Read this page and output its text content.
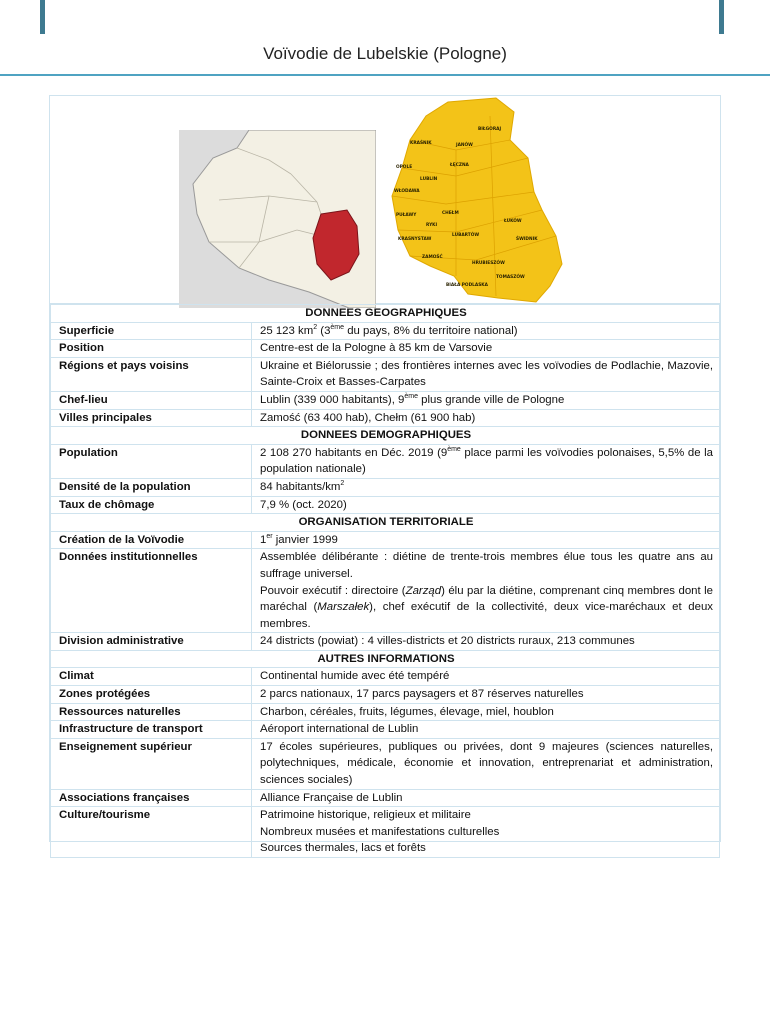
Voïvodie de Lubelskie (Pologne)
BIŁGORAJ
JANÓW
KRAŚNIK
OPOLE
LUBLIN
ŁĘCZNA
WŁODAWA
CHEŁM
PUŁAWY
RYKI
ŁUKÓW
LUBARTÓW
ŚWIDNIK
KRASNYSTAW
ZAMOŚĆ
HRUBIESZÓW
TOMASZÓW
BIAŁA PODLASKA
DONNEES GEOGRAPHIQUES	
Superficie	25 123 $km^2$ (3ème du pays, 8% du territoire national)
Position	Centre-est de la Pologne à 85 km de Varsovie
Régions et pays voisins	Ukraine et Biélorussie ; des frontières internes avec les voïvodies de Podlachie, Mazovie, Sainte-Croix et Basses-Carpates
Chef-lieu	Lublin (339 000 habitants), 9ème plus grande ville de Pologne
Villes principales	Zamość (63 400 hab), Chełm (61 900 hab)
DONNEES DEMOGRAPHIQUES	
Population	2 108 270 habitants en Déc. 2019 (9ème place parmi les voïvodies polonaises, 5,5% de la population nationale)
Densité de la population	84 habitants/$km^2$
Taux de chômage	7,9 % (oct. 2020)
ORGANISATION TERRITORIALE	
Création de la Voïvodie	1er janvier 1999
Données institutionnelles	Assemblée délibérante : diétine de trente-trois membres élue tous les quatre ans au suffrage universel.
Pouvoir exécutif : directoire (Zarząd) élu par la diétine, comprenant cinq membres dont le maréchal (Marszałek), chef exécutif de la collectivité, deux vice-maréchaux et deux membres.

Division administrative	24 districts (powiat) : 4 villes-districts et 20 districts ruraux, 213 communes
AUTRES INFORMATIONS	
Climat	Continental humide avec été tempéré
Zones protégées	2 parcs nationaux, 17 parcs paysagers et 87 réserves naturelles
Ressources naturelles	Charbon, céréales, fruits, légumes, élevage, miel, houblon
Infrastructure de transport	Aéroport international de Lublin
Enseignement supérieur	17 écoles supérieures, publiques ou privées, dont 9 majeures (sciences naturelles, polytechniques, médicale, économie et innovation, entreprenariat et administration, sciences sociales)
Associations françaises	Alliance Française de Lublin
Culture/tourisme	Patrimoine historique, religieux et militaire
Nombreux musées et manifestations culturelles
Sources thermales, lacs et forêts
